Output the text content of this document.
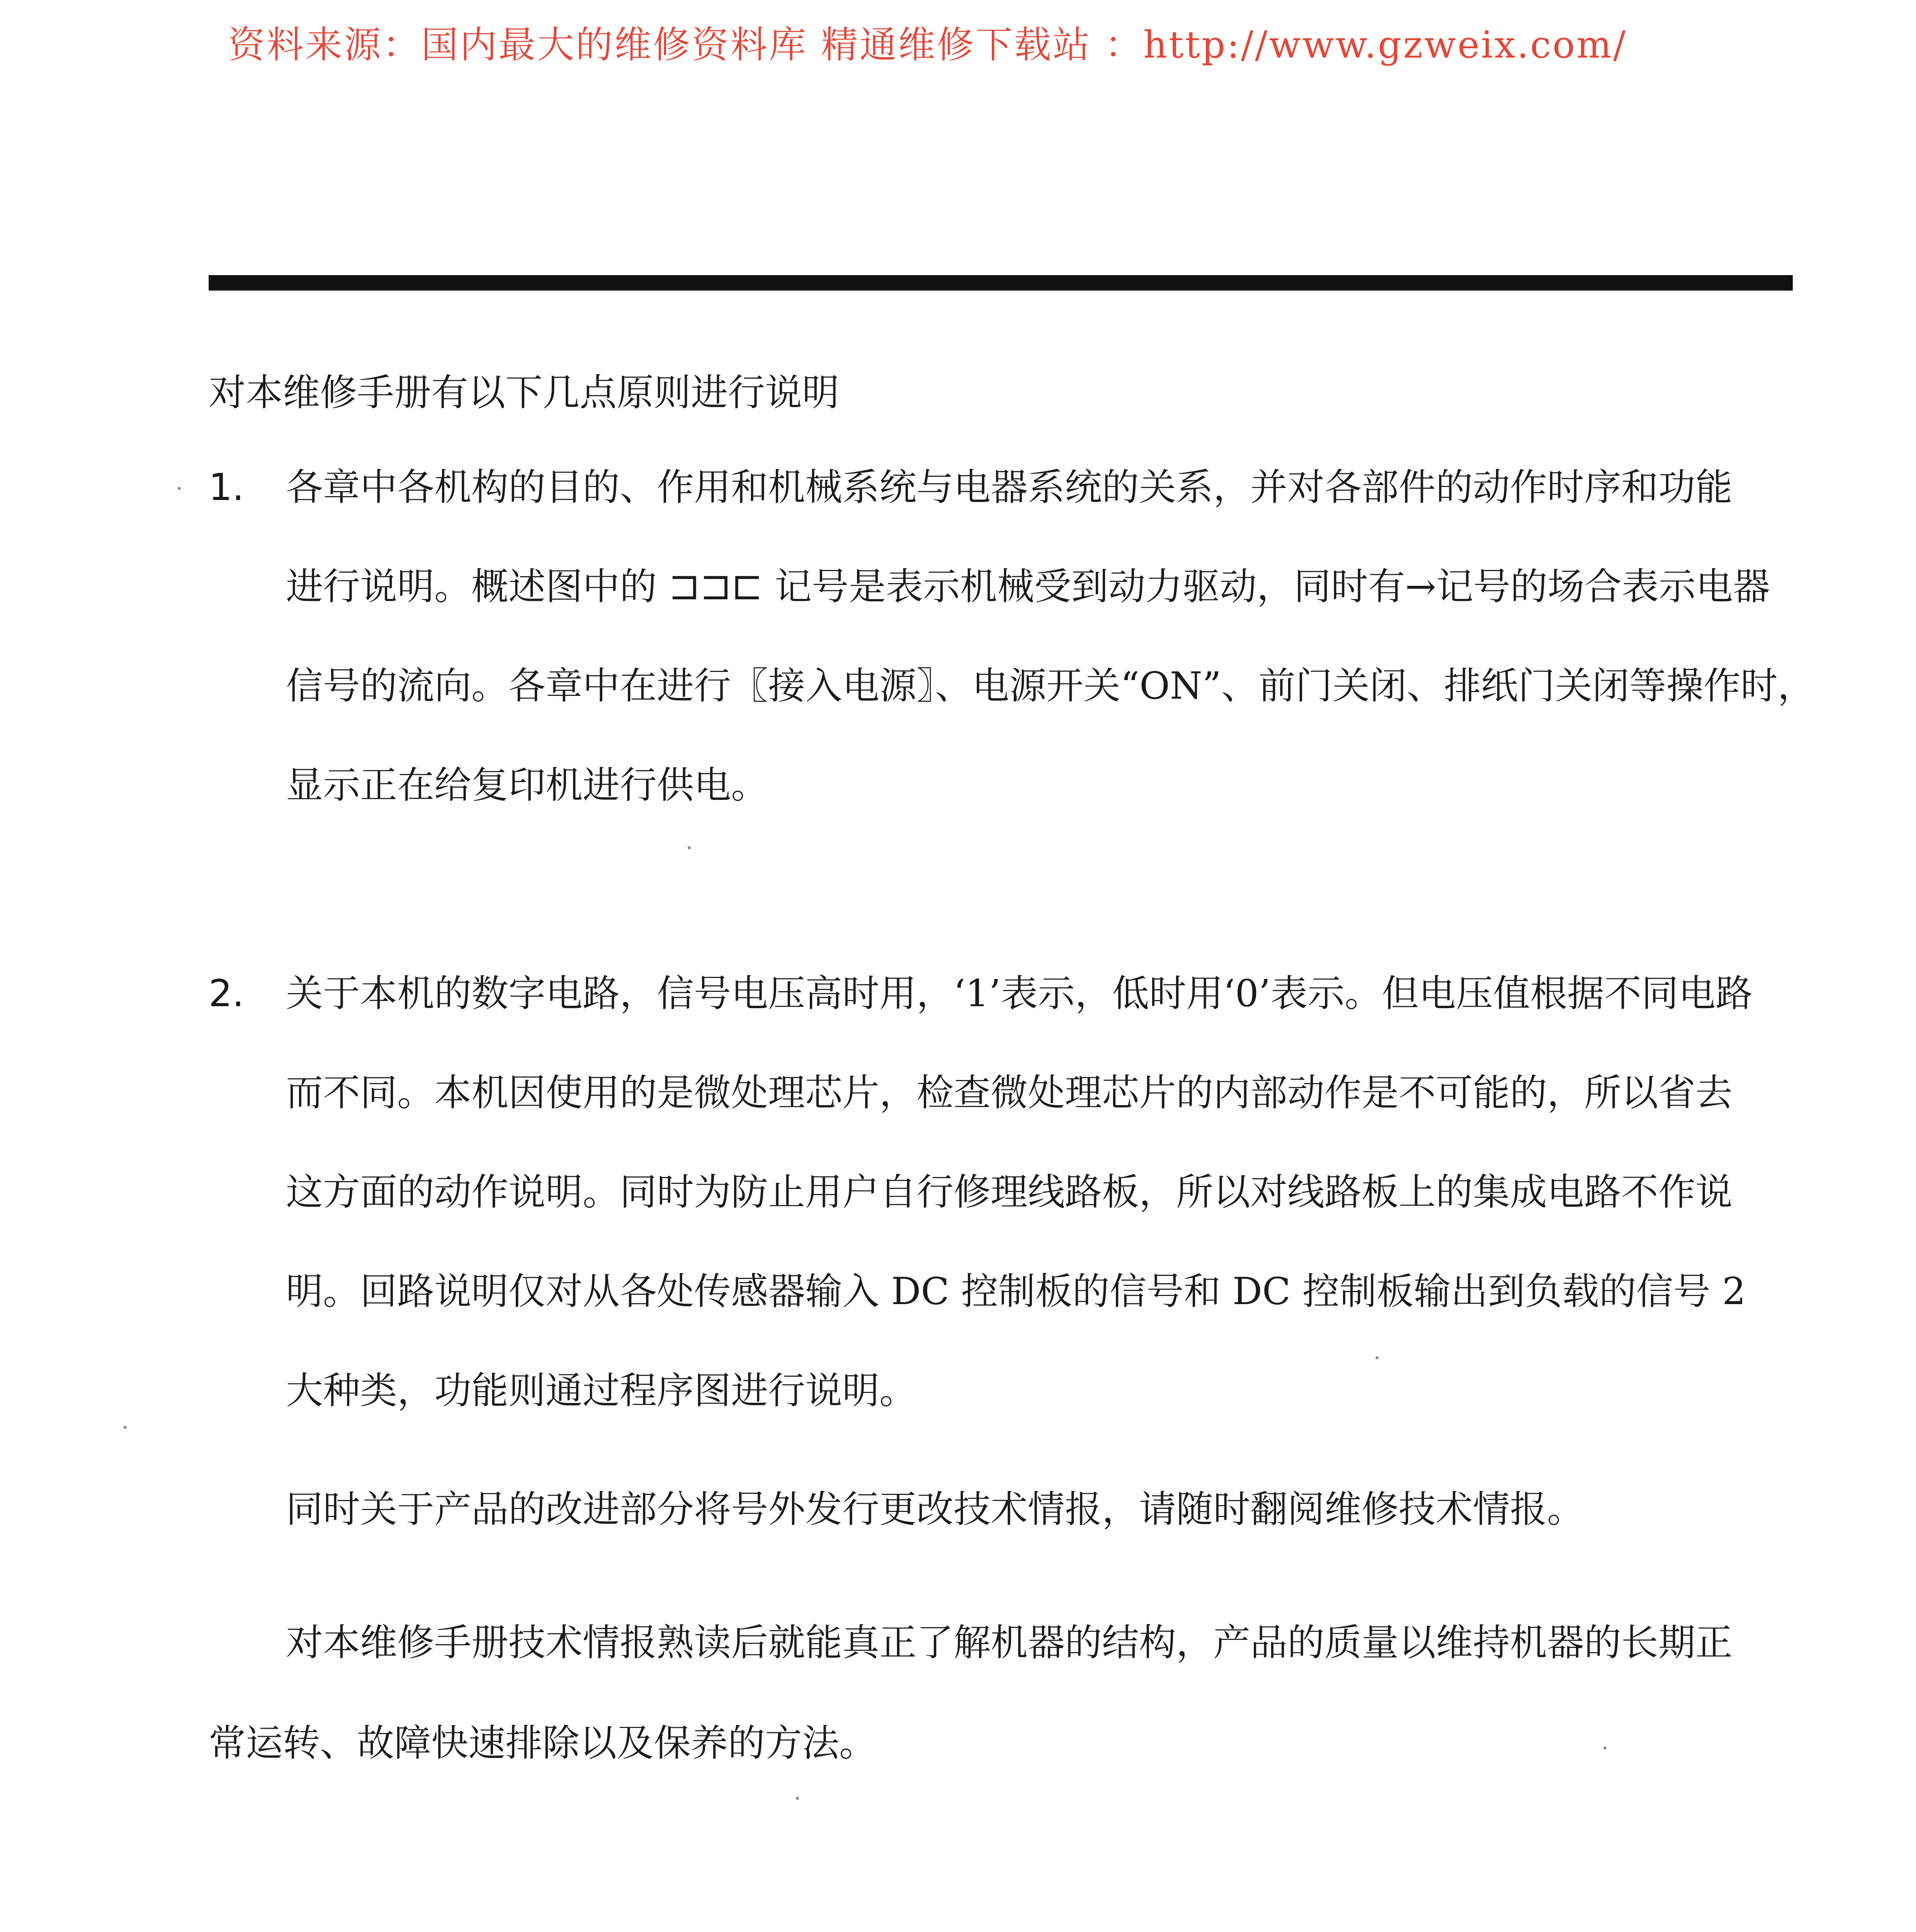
资料来源：国内最大的维修资料库 精通维修下载站 ：http://www.gzweix.com/
对本维修手册有以下几点原则进行说明
1.	各章中各机构的目的、作用和机械系统与电器系统的关系，并对各部件的动作时序和功能
进行说明。概述图中的 ⊐⊐⊏ 记号是表示机械受到动力驱动，同时有→记号的场合表示电器
信号的流向。各章中在进行〖接入电源〗、电源开关“ON”、前门关闭、排纸门关闭等操作时，
显示正在给复印机进行供电。
2.	关于本机的数字电路，信号电压高时用，‘1’表示，低时用‘0’表示。但电压值根据不同电路
而不同。本机因使用的是微处理芯片，检查微处理芯片的内部动作是不可能的，所以省去
这方面的动作说明。同时为防止用户自行修理线路板，所以对线路板上的集成电路不作说
明。回路说明仅对从各处传感器输入 DC 控制板的信号和 DC 控制板输出到负载的信号 2
大种类，功能则通过程序图进行说明。
同时关于产品的改进部分将号外发行更改技术情报，请随时翻阅维修技术情报。
对本维修手册技术情报熟读后就能真正了解机器的结构，产品的质量以维持机器的长期正
常运转、故障快速排除以及保养的方法。
